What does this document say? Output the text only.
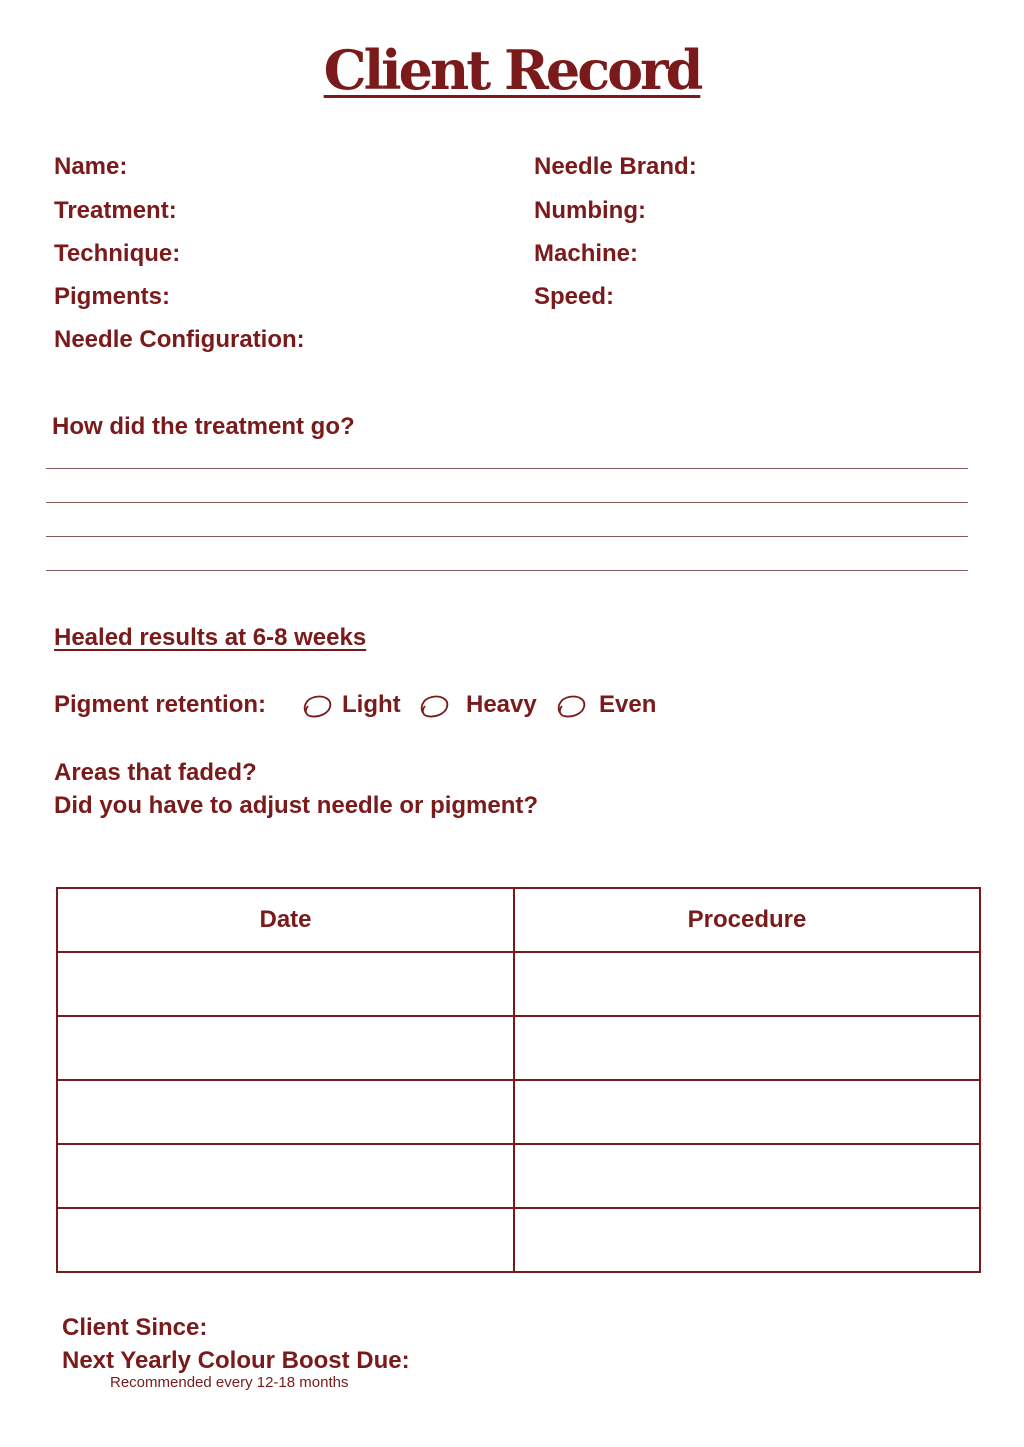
Client Record
Name:
Treatment:
Technique:
Pigments:
Needle Configuration:
Needle Brand:
Numbing:
Machine:
Speed:
How did the treatment go?
Healed results at 6-8 weeks
Pigment retention:	Light	Heavy	Even
Areas that faded?
Did you have to adjust needle or pigment?
Date	Procedure

Client Since:
Next Yearly Colour Boost Due:
Recommended every 12-18 months
